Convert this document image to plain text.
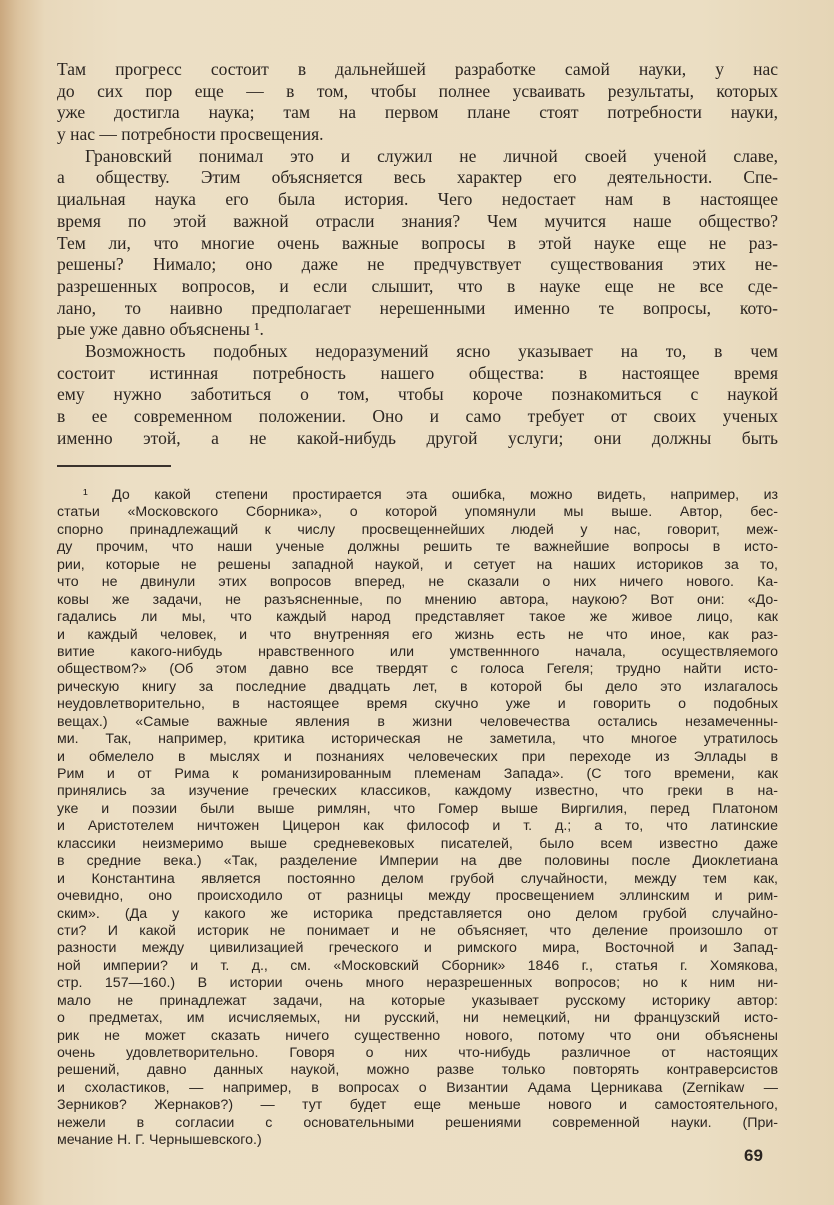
Там прогресс состоит в дальнейшей разработке самой науки, у нас
до сих пор еще — в том, чтобы полнее усваивать результаты, которых
уже достигла наука; там на первом плане стоят потребности науки,
у нас — потребности просвещения.
Грановский понимал это и служил не личной своей ученой славе,
а обществу. Этим объясняется весь характер его деятельности. Спе-
циальная наука его была история. Чего недостает нам в настоящее
время по этой важной отрасли знания? Чем мучится наше общество?
Тем ли, что многие очень важные вопросы в этой науке еще не раз-
решены? Нимало; оно даже не предчувствует существования этих не-
разрешенных вопросов, и если слышит, что в науке еще не все сде-
лано, то наивно предполагает нерешенными именно те вопросы, кото-
рые уже давно объяснены ¹.
Возможность подобных недоразумений ясно указывает на то, в чем
состоит истинная потребность нашего общества: в настоящее время
ему нужно заботиться о том, чтобы короче познакомиться с наукой
в ее современном положении. Оно и само требует от своих ученых
именно этой, а не какой-нибудь другой услуги; они должны быть
¹ До какой степени простирается эта ошибка, можно видеть, например, из
статьи «Московского Сборника», о которой упомянули мы выше. Автор, бес-
спорно принадлежащий к числу просвещеннейших людей у нас, говорит, меж-
ду прочим, что наши ученые должны решить те важнейшие вопросы в исто-
рии, которые не решены западной наукой, и сетует на наших историков за то,
что не двинули этих вопросов вперед, не сказали о них ничего нового. Ка-
ковы же задачи, не разъясненные, по мнению автора, наукою? Вот они: «До-
гадались ли мы, что каждый народ представляет такое же живое лицо, как
и каждый человек, и что внутренняя его жизнь есть не что иное, как раз-
витие какого-нибудь нравственного или умственнного начала, осуществляемого
обществом?» (Об этом давно все твердят с голоса Гегеля; трудно найти исто-
рическую книгу за последние двадцать лет, в которой бы дело это излагалось
неудовлетворительно, в настоящее время скучно уже и говорить о подобных
вещах.) «Самые важные явления в жизни человечества остались незамеченны-
ми. Так, например, критика историческая не заметила, что многое утратилось
и обмелело в мыслях и познаниях человеческих при переходе из Эллады в
Рим и от Рима к романизированным племенам Запада». (С того времени, как
принялись за изучение греческих классиков, каждому известно, что греки в на-
уке и поэзии были выше римлян, что Гомер выше Виргилия, перед Платоном
и Аристотелем ничтожен Цицерон как философ и т. д.; а то, что латинские
классики неизмеримо выше средневековых писателей, было всем известно даже
в средние века.) «Так, разделение Империи на две половины после Диоклетиана
и Константина является постоянно делом грубой случайности, между тем как,
очевидно, оно происходило от разницы между просвещением эллинским и рим-
ским». (Да у какого же историка представляется оно делом грубой случайно-
сти? И какой историк не понимает и не объясняет, что деление произошло от
разности между цивилизацией греческого и римского мира, Восточной и Запад-
ной империи? и т. д., см. «Московский Сборник» 1846 г., статья г. Хомякова,
стр. 157—160.) В истории очень много неразрешенных вопросов; но к ним ни-
мало не принадлежат задачи, на которые указывает русскому историку автор:
о предметах, им исчисляемых, ни русский, ни немецкий, ни французский исто-
рик не может сказать ничего существенно нового, потому что они объяснены
очень удовлетворительно. Говоря о них что-нибудь различное от настоящих
решений, давно данных наукой, можно разве только повторять контраверсистов
и схоластиков, — например, в вопросах о Византии Адама Церникава (Zernikaw —
Зерников? Жернаков?) — тут будет еще меньше нового и самостоятельного,
нежели в согласии с основательными решениями современной науки. (При-
мечание Н. Г. Чернышевского.)
69
